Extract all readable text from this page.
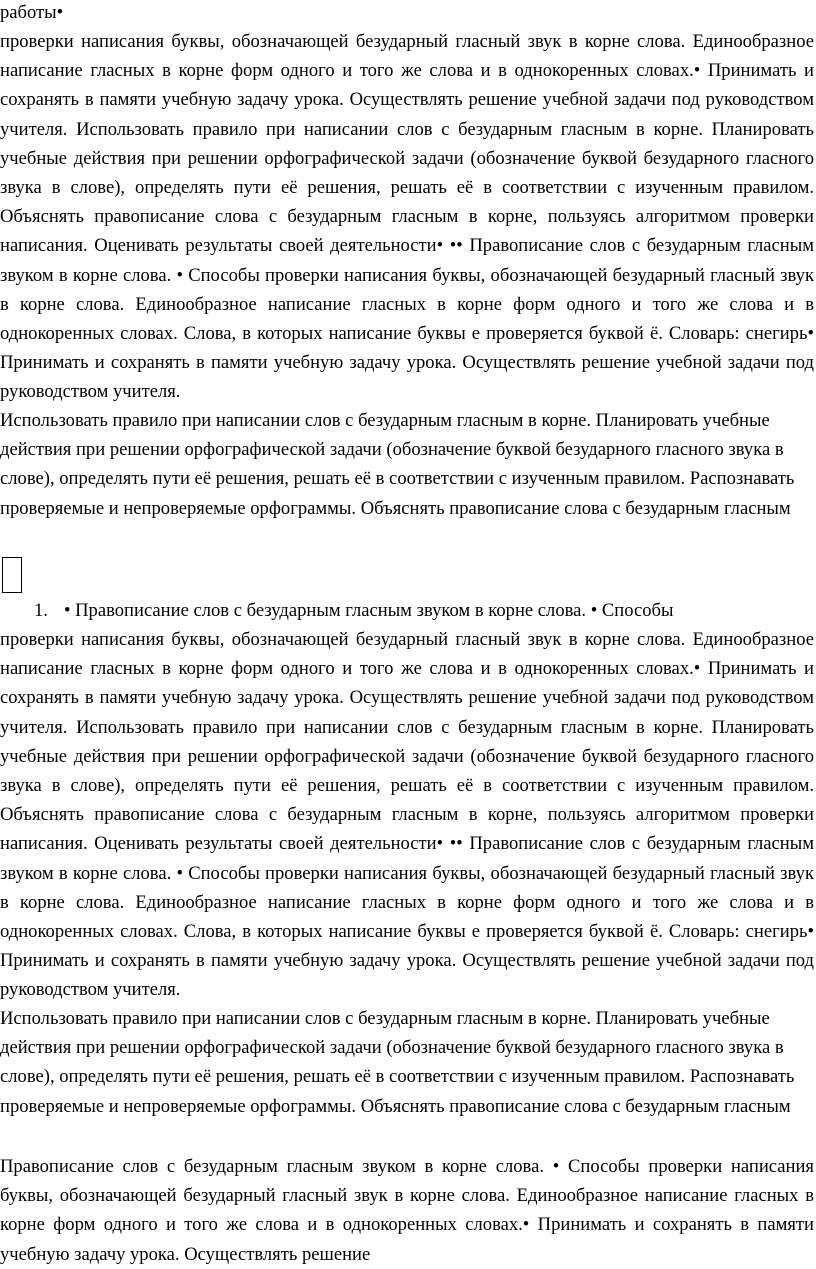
работы•

проверки написания буквы, обозначающей безударный гласный звук в корне слова. Единообразное написание гласных в корне форм одного и того же слова и в однокоренных словах.• Принимать и сохранять в памяти учебную задачу урока. Осуществлять решение учебной задачи под руководством учителя. Использовать правило при написании слов с безударным гласным в корне. Планировать учебные действия при решении орфографической задачи (обозначение буквой безударного гласного звука в слове), определять пути её решения, решать её в соответствии с изученным правилом. Объяснять правописание слова с безударным гласным в корне, пользуясь алгоритмом проверки написания. Оценивать результаты своей деятельности• •• Правописание слов с безударным гласным звуком в корне слова. • Способы проверки написания буквы, обозначающей безударный гласный звук в корне слова. Единообразное написание гласных в корне форм одного и того же слова и в однокоренных словах. Слова, в которых написание буквы е проверяется буквой ё. Словарь: снегирь• Принимать и сохранять в памяти учебную задачу урока. Осуществлять решение учебной задачи под руководством учителя.

Использовать правило при написании слов с безударным гласным в корне. Планировать учебные действия при решении орфографической задачи (обозначение буквой безударного гласного звука в слове), определять пути её решения, решать её в соответствии с изученным правилом. Распознавать проверяемые и непроверяемые орфограммы. Объяснять правописание слова с безударным гласным

1. • Правописание слов с безударным гласным звуком в корне слова. • Способы

проверки написания буквы, обозначающей безударный гласный звук в корне слова. Единообразное написание гласных в корне форм одного и того же слова и в однокоренных словах.• Принимать и сохранять в памяти учебную задачу урока. Осуществлять решение учебной задачи под руководством учителя. Использовать правило при написании слов с безударным гласным в корне. Планировать учебные действия при решении орфографической задачи (обозначение буквой безударного гласного звука в слове), определять пути её решения, решать её в соответствии с изученным правилом. Объяснять правописание слова с безударным гласным в корне, пользуясь алгоритмом проверки написания. Оценивать результаты своей деятельности• •• Правописание слов с безударным гласным звуком в корне слова. • Способы проверки написания буквы, обозначающей безударный гласный звук в корне слова. Единообразное написание гласных в корне форм одного и того же слова и в однокоренных словах. Слова, в которых написание буквы е проверяется буквой ё. Словарь: снегирь• Принимать и сохранять в памяти учебную задачу урока. Осуществлять решение учебной задачи под руководством учителя.

Использовать правило при написании слов с безударным гласным в корне. Планировать учебные действия при решении орфографической задачи (обозначение буквой безударного гласного звука в слове), определять пути её решения, решать её в соответствии с изученным правилом. Распознавать проверяемые и непроверяемые орфограммы. Объяснять правописание слова с безударным гласным

Правописание слов с безударным гласным звуком в корне слова. • Способы проверки написания буквы, обозначающей безударный гласный звук в корне слова. Единообразное написание гласных в корне форм одного и того же слова и в однокоренных словах.• Принимать и сохранять в памяти учебную задачу урока. Осуществлять решение
